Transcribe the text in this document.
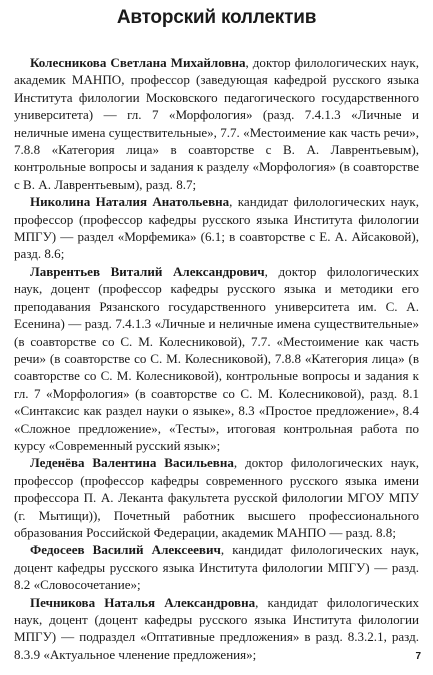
Авторский коллектив

Колесникова Светлана Михайловна, доктор филологических наук, академик МАНПО, профессор (заведующая кафедрой русского языка Института филологии Московского педагогического государственного университета) — гл. 7 «Морфология» (разд. 7.4.1.3 «Личные и неличные имена существительные», 7.7. «Местоимение как часть речи», 7.8.8 «Категория лица» в соавторстве с В. А. Лаврентьевым), контрольные вопросы и задания к разделу «Морфология» (в соавторстве с В. А. Лаврентьевым), разд. 8.7;

Николина Наталия Анатольевна, кандидат филологических наук, профессор (профессор кафедры русского языка Института филологии МПГУ) — раздел «Морфемика» (6.1; в соавторстве с Е. А. Айсаковой), разд. 8.6;

Лаврентьев Виталий Александрович, доктор филологических наук, доцент (профессор кафедры русского языка и методики его преподавания Рязанского государственного университета им. С. А. Есенина) — разд. 7.4.1.3 «Личные и неличные имена существительные» (в соавторстве со С. М. Колесниковой), 7.7. «Местоимение как часть речи» (в соавторстве со С. М. Колесниковой), 7.8.8 «Категория лица» (в соавторстве со С. М. Колесниковой), контрольные вопросы и задания к гл. 7 «Морфология» (в соавторстве со С. М. Колесниковой), разд. 8.1 «Синтаксис как раздел науки о языке», 8.3 «Простое предложение», 8.4 «Сложное предложение», «Тесты», итоговая контрольная работа по курсу «Современный русский язык»;

Леденёва Валентина Васильевна, доктор филологических наук, профессор (профессор кафедры современного русского языка имени профессора П. А. Леканта факультета русской филологии МГОУ МПУ (г. Мытищи)), Почетный работник высшего профессионального образования Российской Федерации, академик МАНПО — разд. 8.8;

Федосеев Василий Алексеевич, кандидат филологических наук, доцент кафедры русского языка Института филологии МПГУ) — разд. 8.2 «Словосочетание»;

Печникова Наталья Александровна, кандидат филологических наук, доцент (доцент кафедры русского языка Института филологии МПГУ) — подраздел «Оптативные предложения» в разд. 8.3.2.1, разд. 8.3.9 «Актуальное членение предложения»;	7
